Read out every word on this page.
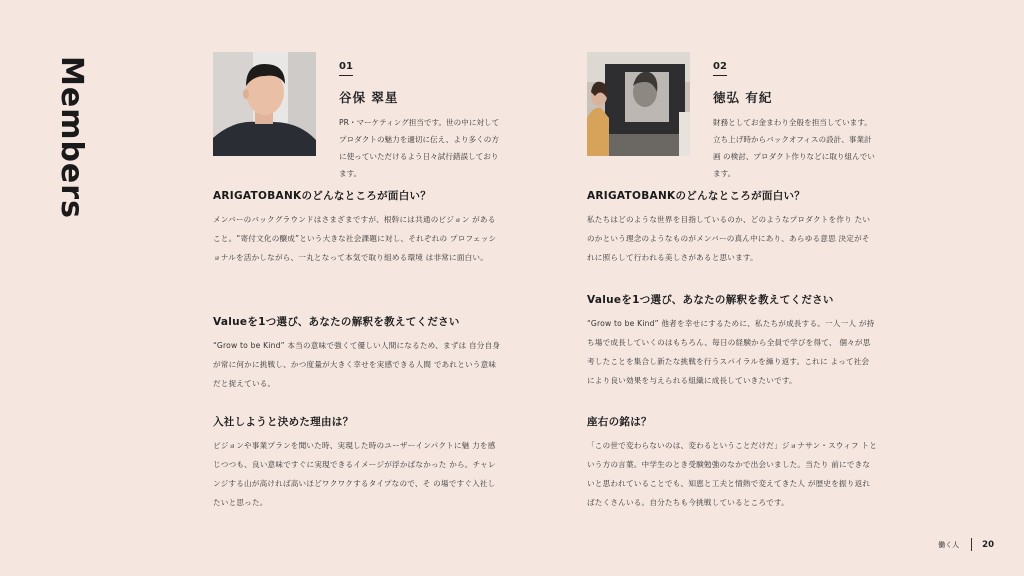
Members	01
谷保 翠星
PR・マーケティング担当です。世の中に対して プロダクトの魅力を適切に伝え、より多くの方 に使っていただけるよう日々試行錯誤しており ます。
ARIGATOBANKのどんなところが面白い？
メンバーのバックグラウンドはさまざまですが、根幹には共通のビジョン があること。“寄付文化の醸成”という大きな社会課題に対し、それぞれの プロフェッショナルを活かしながら、一丸となって本気で取り組める環境 は非常に面白い。
Valueを1つ選び、あなたの解釈を教えてください
“Grow to be Kind” 本当の意味で強くて優しい人間になるため、まずは 自分自身が常に何かに挑戦し、かつ度量が大きく幸せを実感できる人間 であれという意味だと捉えている。
入社しようと決めた理由は？
ビジョンや事業プランを聞いた時、実現した時のユーザーインパクトに魅 力を感じつつも、良い意味ですぐに実現できるイメージが浮かばなかった から。チャレンジする山が高ければ高いほどワクワクするタイプなので、そ の場ですぐ入社したいと思った。
02
徳弘 有紀
財務としてお金まわり全般を担当しています。 立ち上げ時からバックオフィスの設計、事業計画 の検討、プロダクト作りなどに取り組んでいます。
ARIGATOBANKのどんなところが面白い？
私たちはどのような世界を目指しているのか、どのようなプロダクトを作り たいのかという理念のようなものがメンバーの真ん中にあり、あらゆる意思 決定がそれに照らして行われる美しさがあると思います。
Valueを1つ選び、あなたの解釈を教えてください
“Grow to be Kind” 他者を幸せにするために、私たちが成長する。一人一人 が持ち場で成長していくのはもちろん、毎日の経験から全員で学びを得て、 個々が思考したことを集合し新たな挑戦を行うスパイラルを繰り返す。これに よって社会により良い効果を与えられる組織に成長していきたいです。
座右の銘は？
「この世で変わらないのは、変わるということだけだ」ジョナサン・スウィフ トという方の言葉。中学生のとき受験勉強のなかで出会いました。当たり 前にできないと思われていることでも、知恵と工夫と情熱で変えてきた人 が歴史を振り返ればたくさんいる。自分たちも今挑戦しているところです。
働く人	20
